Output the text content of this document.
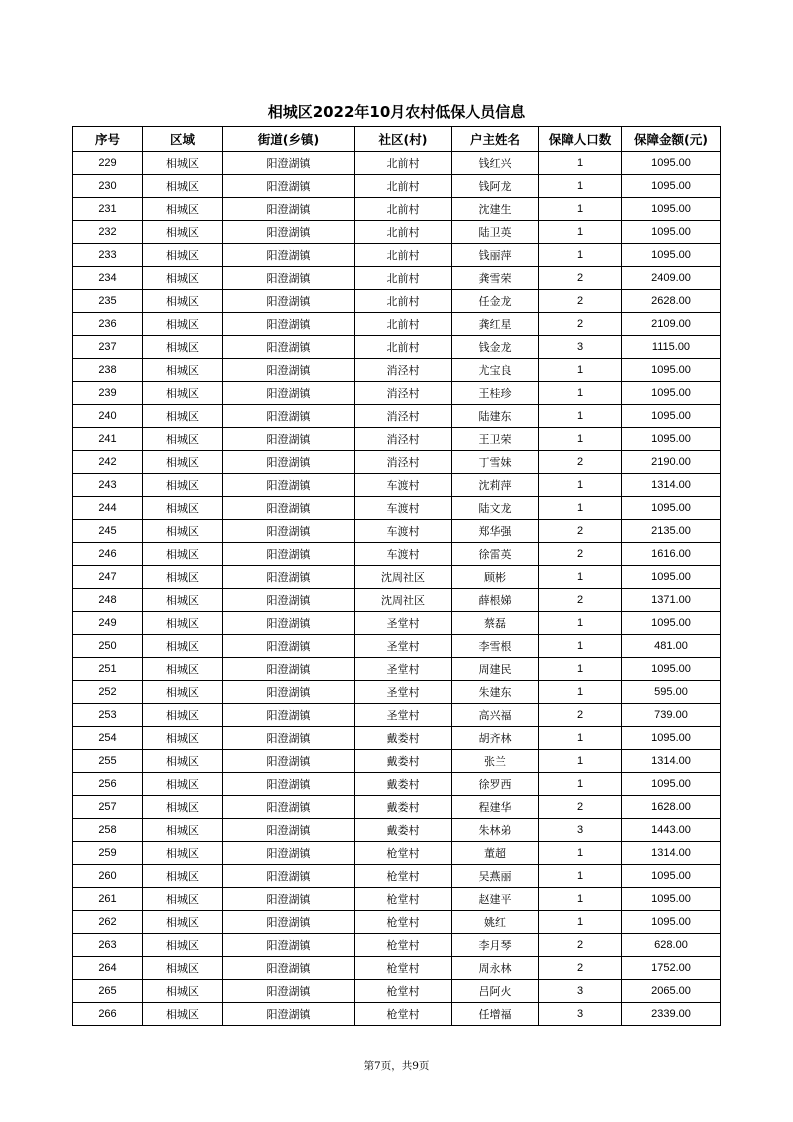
相城区2022年10月农村低保人员信息
序号	区域	街道(乡镇)	社区(村)	户主姓名	保障人口数	保障金额(元)
229	相城区	阳澄湖镇	北前村	钱红兴	1	1095.00
230	相城区	阳澄湖镇	北前村	钱阿龙	1	1095.00
231	相城区	阳澄湖镇	北前村	沈建生	1	1095.00
232	相城区	阳澄湖镇	北前村	陆卫英	1	1095.00
233	相城区	阳澄湖镇	北前村	钱丽萍	1	1095.00
234	相城区	阳澄湖镇	北前村	龚雪荣	2	2409.00
235	相城区	阳澄湖镇	北前村	任金龙	2	2628.00
236	相城区	阳澄湖镇	北前村	龚红星	2	2109.00
237	相城区	阳澄湖镇	北前村	钱金龙	3	1115.00
238	相城区	阳澄湖镇	消泾村	尤宝良	1	1095.00
239	相城区	阳澄湖镇	消泾村	王桂珍	1	1095.00
240	相城区	阳澄湖镇	消泾村	陆建东	1	1095.00
241	相城区	阳澄湖镇	消泾村	王卫荣	1	1095.00
242	相城区	阳澄湖镇	消泾村	丁雪妹	2	2190.00
243	相城区	阳澄湖镇	车渡村	沈莉萍	1	1314.00
244	相城区	阳澄湖镇	车渡村	陆文龙	1	1095.00
245	相城区	阳澄湖镇	车渡村	郑华强	2	2135.00
246	相城区	阳澄湖镇	车渡村	徐雷英	2	1616.00
247	相城区	阳澄湖镇	沈周社区	顾彬	1	1095.00
248	相城区	阳澄湖镇	沈周社区	薛根娣	2	1371.00
249	相城区	阳澄湖镇	圣堂村	蔡磊	1	1095.00
250	相城区	阳澄湖镇	圣堂村	李雪根	1	481.00
251	相城区	阳澄湖镇	圣堂村	周建民	1	1095.00
252	相城区	阳澄湖镇	圣堂村	朱建东	1	595.00
253	相城区	阳澄湖镇	圣堂村	高兴福	2	739.00
254	相城区	阳澄湖镇	戴娄村	胡齐林	1	1095.00
255	相城区	阳澄湖镇	戴娄村	张兰	1	1314.00
256	相城区	阳澄湖镇	戴娄村	徐罗西	1	1095.00
257	相城区	阳澄湖镇	戴娄村	程建华	2	1628.00
258	相城区	阳澄湖镇	戴娄村	朱林弟	3	1443.00
259	相城区	阳澄湖镇	枪堂村	董超	1	1314.00
260	相城区	阳澄湖镇	枪堂村	吴燕丽	1	1095.00
261	相城区	阳澄湖镇	枪堂村	赵建平	1	1095.00
262	相城区	阳澄湖镇	枪堂村	姚红	1	1095.00
263	相城区	阳澄湖镇	枪堂村	李月琴	2	628.00
264	相城区	阳澄湖镇	枪堂村	周永林	2	1752.00
265	相城区	阳澄湖镇	枪堂村	吕阿火	3	2065.00
266	相城区	阳澄湖镇	枪堂村	任增福	3	2339.00
第7页，共9页
